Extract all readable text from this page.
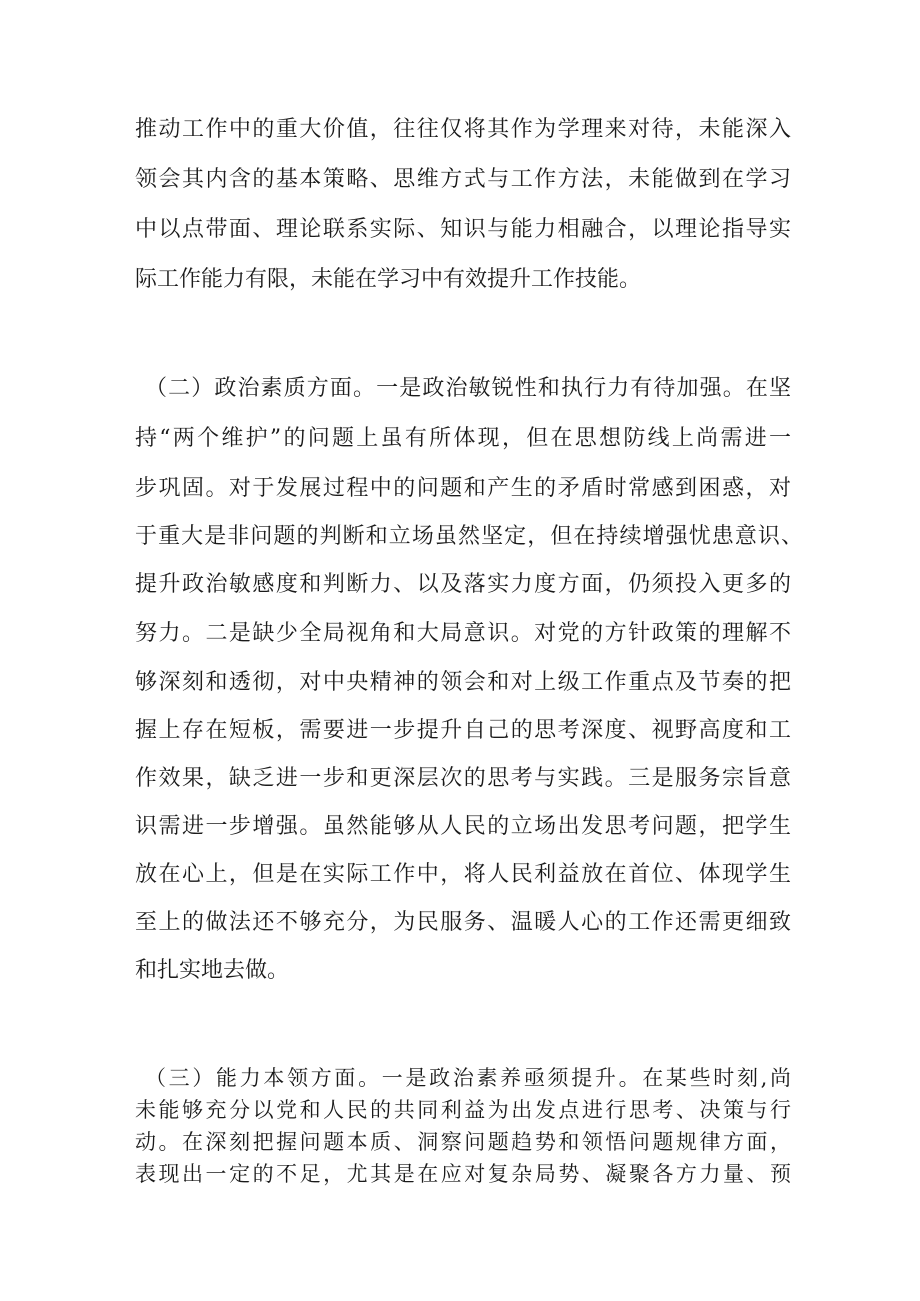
推动工作中的重大价值，往往仅将其作为学理来对待，未能深入
领会其内含的基本策略、思维方式与工作方法，未能做到在学习
中以点带面、理论联系实际、知识与能力相融合，以理论指导实
际工作能力有限，未能在学习中有效提升工作技能。
（二）政治素质方面。一是政治敏锐性和执行力有待加强。在坚
持“两个维护”的问题上虽有所体现，但在思想防线上尚需进一
步巩固。对于发展过程中的问题和产生的矛盾时常感到困惑，对
于重大是非问题的判断和立场虽然坚定，但在持续增强忧患意识、
提升政治敏感度和判断力、以及落实力度方面，仍须投入更多的
努力。二是缺少全局视角和大局意识。对党的方针政策的理解不
够深刻和透彻，对中央精神的领会和对上级工作重点及节奏的把
握上存在短板，需要进一步提升自己的思考深度、视野高度和工
作效果，缺乏进一步和更深层次的思考与实践。三是服务宗旨意
识需进一步增强。虽然能够从人民的立场出发思考问题，把学生
放在心上，但是在实际工作中，将人民利益放在首位、体现学生
至上的做法还不够充分，为民服务、温暖人心的工作还需更细致
和扎实地去做。
（三）能力本领方面。一是政治素养亟须提升。在某些时刻,尚
未能够充分以党和人民的共同利益为出发点进行思考、决策与行
动。在深刻把握问题本质、洞察问题趋势和领悟问题规律方面，
表现出一定的不足，尤其是在应对复杂局势、凝聚各方力量、预
